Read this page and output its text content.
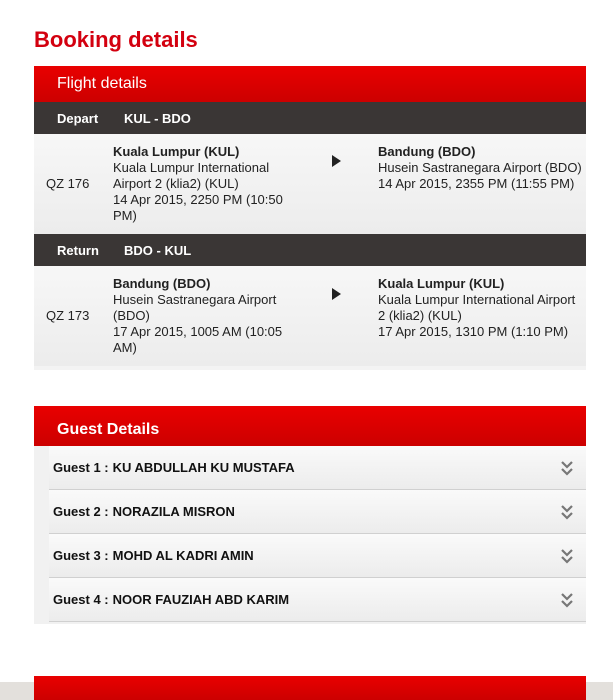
Booking details
Flight details
Depart	KUL - BDO
QZ 176
Kuala Lumpur (KUL)
Kuala Lumpur International Airport 2 (klia2) (KUL)
14 Apr 2015, 2250 PM (10:50 PM)
Bandung (BDO)
Husein Sastranegara Airport (BDO)
14 Apr 2015, 2355 PM (11:55 PM)
Return	BDO - KUL
QZ 173
Bandung (BDO)
Husein Sastranegara Airport (BDO)
17 Apr 2015, 1005 AM (10:05 AM)
Kuala Lumpur (KUL)
Kuala Lumpur International Airport 2 (klia2) (KUL)
17 Apr 2015, 1310 PM (1:10 PM)
Guest Details
Guest 1 : KU ABDULLAH KU MUSTAFA
Guest 2 : NORAZILA MISRON
Guest 3 : MOHD AL KADRI AMIN
Guest 4 : NOOR FAUZIAH ABD KARIM
